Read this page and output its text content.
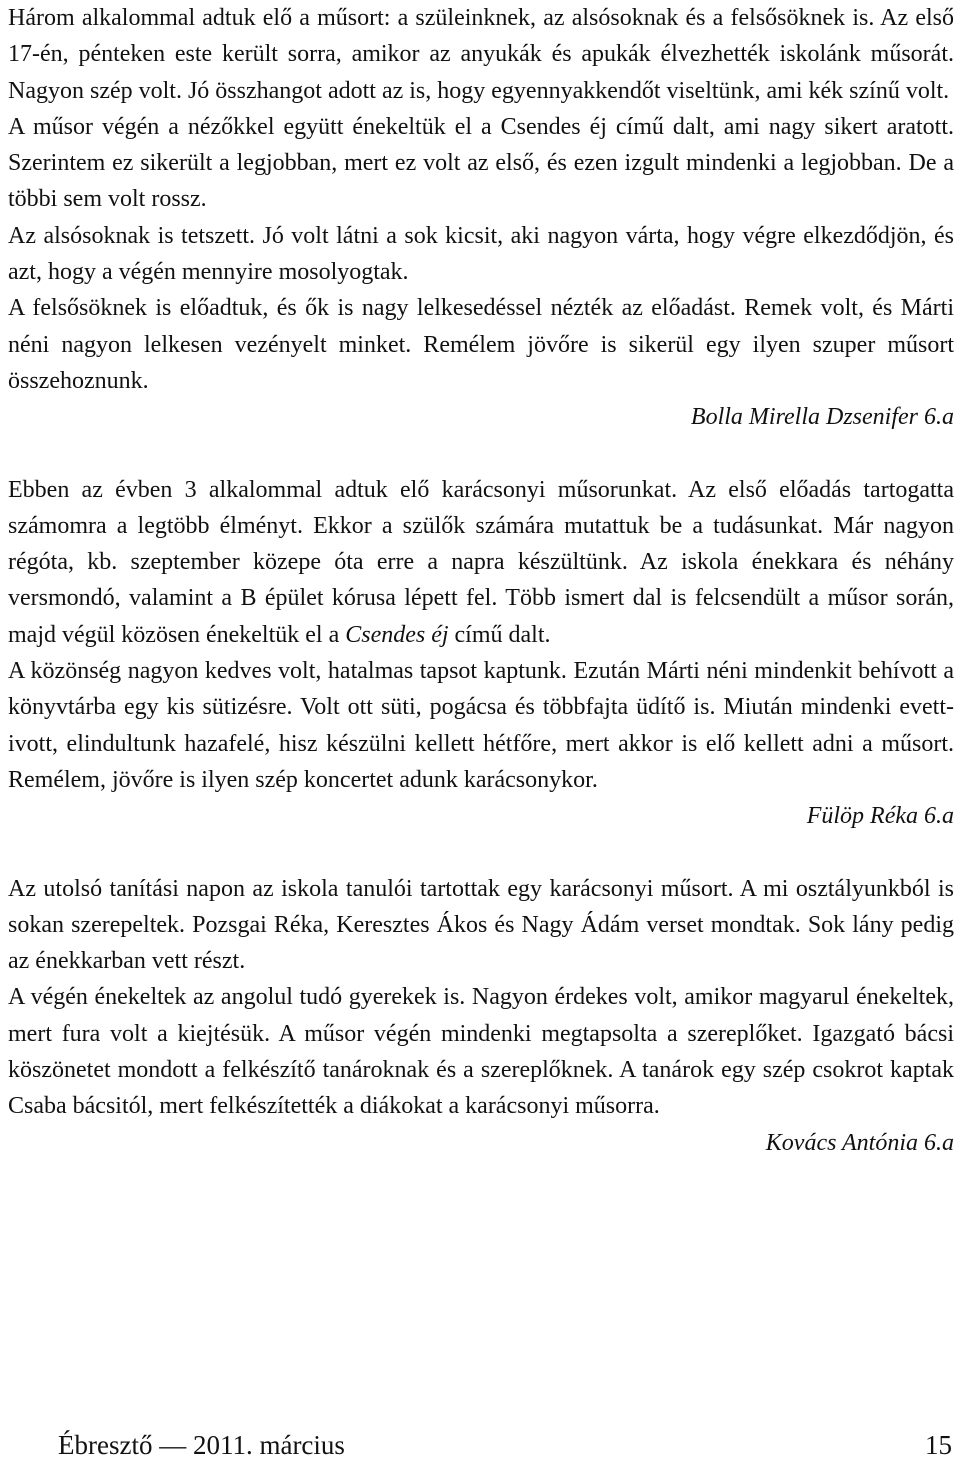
Három alkalommal adtuk elő a műsort: a szüleinknek, az alsósoknak és a felsősöknek is. Az első 17-én, pénteken este került sorra, amikor az anyukák és apukák élvezhették iskolánk műsorát. Nagyon szép volt. Jó összhangot adott az is, hogy egyennyakkendőt viseltünk, ami kék színű volt.

A műsor végén a nézőkkel együtt énekeltük el a Csendes éj című dalt, ami nagy sikert aratott. Szerintem ez sikerült a legjobban, mert ez volt az első, és ezen izgult mindenki a legjobban. De a többi sem volt rossz.

Az alsósoknak is tetszett. Jó volt látni a sok kicsit, aki nagyon várta, hogy végre elkezdődjön, és azt, hogy a végén mennyire mosolyogtak.

A felsősöknek is előadtuk, és ők is nagy lelkesedéssel nézték az előadást. Remek volt, és Márti néni nagyon lelkesen vezényelt minket. Remélem jövőre is sikerül egy ilyen szuper műsort összehoznunk.

Bolla Mirella Dzsenifer 6.a

Ebben az évben 3 alkalommal adtuk elő karácsonyi műsorunkat. Az első előadás tartogatta számomra a legtöbb élményt. Ekkor a szülők számára mutattuk be a tudásunkat. Már nagyon régóta, kb. szeptember közepe óta erre a napra készültünk. Az iskola énekkara és néhány versmondó, valamint a B épület kórusa lépett fel. Több ismert dal is felcsendült a műsor során, majd végül közösen énekeltük el a Csendes éj című dalt.

A közönség nagyon kedves volt, hatalmas tapsot kaptunk. Ezután Márti néni mindenkit behívott a könyvtárba egy kis sütizésre. Volt ott süti, pogácsa és többfajta üdítő is. Miután mindenki evett-ivott, elindultunk hazafelé, hisz készülni kellett hétfőre, mert akkor is elő kellett adni a műsort. Remélem, jövőre is ilyen szép koncertet adunk karácsonykor.

Fülöp Réka 6.a

Az utolsó tanítási napon az iskola tanulói tartottak egy karácsonyi műsort. A mi osztályunkból is sokan szerepeltek. Pozsgai Réka, Keresztes Ákos és Nagy Ádám verset mondtak. Sok lány pedig az énekkarban vett részt.

A végén énekeltek az angolul tudó gyerekek is. Nagyon érdekes volt, amikor magyarul énekeltek, mert fura volt a kiejtésük. A műsor végén mindenki megtapsolta a szereplőket. Igazgató bácsi köszönetet mondott a felkészítő tanároknak és a szereplőknek. A tanárok egy szép csokrot kaptak Csaba bácsitól, mert felkészítették a diákokat a karácsonyi műsorra.

Kovács Antónia 6.a

Ébresztő — 2011. március	15
